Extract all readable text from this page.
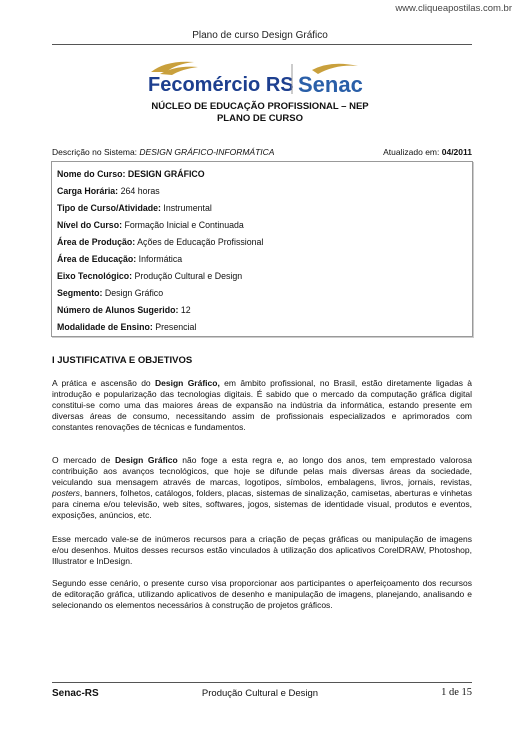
www.cliqueapostilas.com.br
Plano de curso Design Gráfico
Fecomércio RS Senac
NÚCLEO DE EDUCAÇÃO PROFISSIONAL – NEP
PLANO DE CURSO
Descrição no Sistema: DESIGN GRÁFICO-INFORMÁTICA	Atualizado em: 04/2011
Nome do Curso: DESIGN GRÁFICO
Carga Horária: 264 horas
Tipo de Curso/Atividade: Instrumental
Nível do Curso: Formação Inicial e Continuada
Área de Produção: Ações de Educação Profissional
Área de Educação: Informática
Eixo Tecnológico: Produção Cultural e Design
Segmento: Design Gráfico
Número de Alunos Sugerido: 12
Modalidade de Ensino: Presencial
I JUSTIFICATIVA E OBJETIVOS
A prática e ascensão do Design Gráfico, em âmbito profissional, no Brasil, estão diretamente ligadas à introdução e popularização das tecnologias digitais. É sabido que o mercado da computação gráfica digital constitui-se como uma das maiores áreas de expansão na indústria da informática, estando presente em diversas áreas de consumo, necessitando assim de profissionais especializados e aprimorados com constantes renovações de técnicas e fundamentos.
O mercado de Design Gráfico não foge a esta regra e, ao longo dos anos, tem emprestado valorosa contribuição aos avanços tecnológicos, que hoje se difunde pelas mais diversas áreas da sociedade, veiculando sua mensagem através de marcas, logotipos, símbolos, embalagens, livros, jornais, revistas, posters, banners, folhetos, catálogos, folders, placas, sistemas de sinalização, camisetas, aberturas e vinhetas para cinema e/ou televisão, web sites, softwares, jogos, sistemas de identidade visual, produtos e eventos, exposições, anúncios, etc.
Esse mercado vale-se de inúmeros recursos para a criação de peças gráficas ou manipulação de imagens e/ou desenhos. Muitos desses recursos estão vinculados à utilização dos aplicativos CorelDRAW, Photoshop, Illustrator e InDesign.
Segundo esse cenário, o presente curso visa proporcionar aos participantes o aperfeiçoamento dos recursos de editoração gráfica, utilizando aplicativos de desenho e manipulação de imagens, planejando, analisando e selecionando os elementos necessários à construção de projetos gráficos.
Senac-RS	Produção Cultural e Design	1 de 15
